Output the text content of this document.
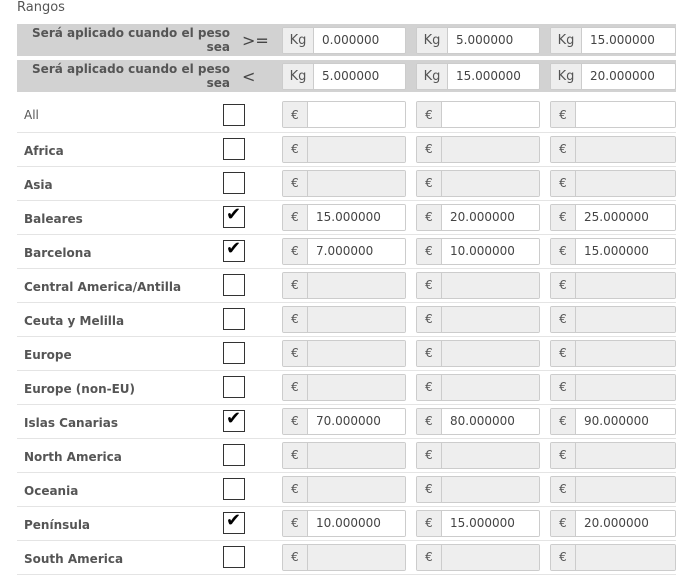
Rangos
Será aplicado cuando el peso sea	>=	Kg 0.000000		Kg 5.000000		Kg 15.000000

Será aplicado cuando el peso sea	<	Kg 5.000000		Kg 15.000000		Kg 20.000000

All		€		€		€

Africa		€		€		€

Asia		€		€		€

Baleares	✔	€ 15.000000		€ 20.000000		€ 25.000000

Barcelona	✔	€ 7.000000		€ 10.000000		€ 15.000000

Central America/Antilla		€		€		€

Ceuta y Melilla		€		€		€

Europe		€		€		€

Europe (non-EU)		€		€		€

Islas Canarias	✔	€ 70.000000		€ 80.000000		€ 90.000000

North America		€		€		€

Oceania		€		€		€

Península	✔	€ 10.000000		€ 15.000000		€ 20.000000

South America		€		€		€
